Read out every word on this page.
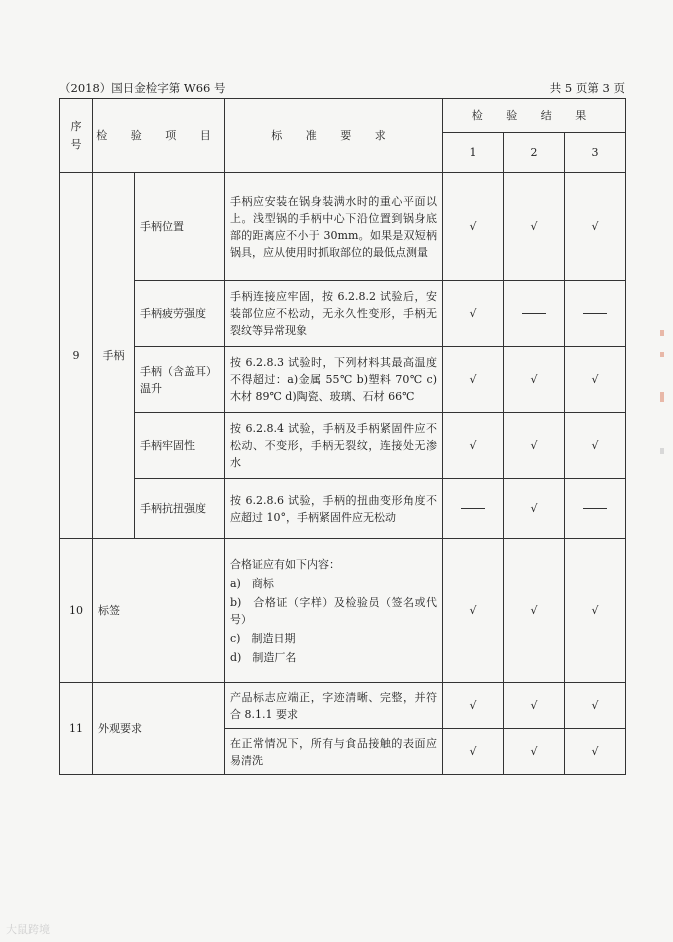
（2018）国日金检字第 W66 号	共 5 页第 3 页
序
号	检 验 项 目		标 准 要 求	检 验 结 果		
				1	2	3
9	手柄	手柄位置	手柄应安装在锅身装满水时的重心平面以上。浅型锅的手柄中心下沿位置到锅身底部的距离应不小于 30mm。如果是双短柄锅具，应从使用时抓取部位的最低点测量	√	√	√
		手柄疲劳强度	手柄连接应牢固，按 6.2.8.2 试验后，安装部位应不松动，无永久性变形，手柄无裂纹等异常现象	√		
		手柄（含盖耳）温升	按 6.2.8.3 试验时，下列材料其最高温度不得超过：a)金属 55℃ b)塑料 70℃ c)木材 89℃ d)陶瓷、玻璃、石材 66℃	√	√	√
		手柄牢固性	按 6.2.8.4 试验，手柄及手柄紧固件应不松动、不变形，手柄无裂纹，连接处无渗水	√	√	√
		手柄抗扭强度	按 6.2.8.6 试验，手柄的扭曲变形角度不应超过 10°，手柄紧固件应无松动		√	
10	标签		合格证应有如下内容：

a)　商标

b)　合格证（字样）及检验员（签名或代号）

c)　制造日期

d)　制造厂名	√	√	√
11	外观要求		产品标志应端正，字迹清晰、完整，并符合 8.1.1 要求	√	√	√
			在正常情况下，所有与食品接触的表面应易清洗	√	√	√
大鼠跨境
